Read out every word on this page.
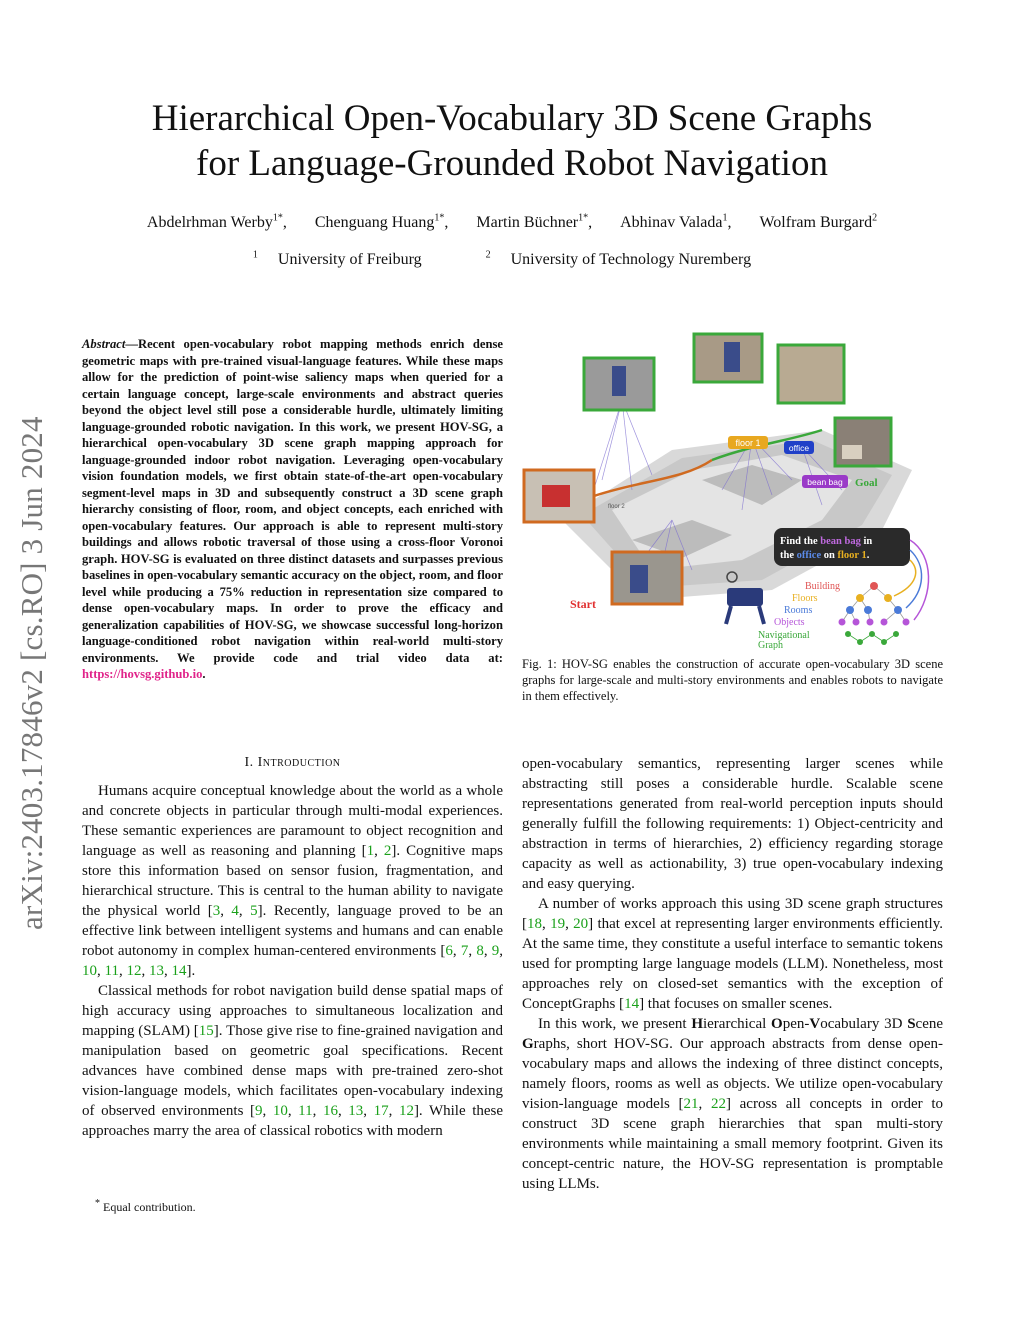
Hierarchical Open-Vocabulary 3D Scene Graphs
for Language-Grounded Robot Navigation
Abdelrhman Werby$^{1*}$, Chenguang Huang$^{1*}$, Martin Büchner$^{1*}$, Abhinav Valada$^1$, Wolfram Burgard$^2$
$^1$ University of Freiburg	$^2$ University of Technology Nuremberg
arXiv:2403.17846v2 [cs.RO] 3 Jun 2024
Abstract—Recent open-vocabulary robot mapping methods enrich dense geometric maps with pre-trained visual-language features. While these maps allow for the prediction of point-wise saliency maps when queried for a certain language concept, large-scale environments and abstract queries beyond the object level still pose a considerable hurdle, ultimately limiting language-grounded robotic navigation. In this work, we present HOV-SG, a hierarchical open-vocabulary 3D scene graph mapping approach for language-grounded indoor robot navigation. Leveraging open-vocabulary vision foundation models, we first obtain state-of-the-art open-vocabulary segment-level maps in 3D and subsequently construct a 3D scene graph hierarchy consisting of floor, room, and object concepts, each enriched with open-vocabulary features. Our approach is able to represent multi-story buildings and allows robotic traversal of those using a cross-floor Voronoi graph. HOV-SG is evaluated on three distinct datasets and surpasses previous baselines in open-vocabulary semantic accuracy on the object, room, and floor level while producing a 75% reduction in representation size compared to dense open-vocabulary maps. In order to prove the efficacy and generalization capabilities of HOV-SG, we showcase successful long-horizon language-conditioned robot navigation within real-world multi-story environments. We provide code and trial video data at: https://hovsg.github.io.
floor 1	office
bean bag
floor 2
Goal
Start
Find the bean bag in
the office on floor 1.
Building
Floors
Rooms
Objects
Navigational
Graph
Fig. 1: HOV-SG enables the construction of accurate open-vocabulary 3D scene graphs for large-scale and multi-story environments and enables robots to navigate in them effectively.
I. Introduction

Humans acquire conceptual knowledge about the world as a whole and concrete objects in particular through multi-modal experiences. These semantic experiences are paramount to object recognition and language as well as reasoning and planning [1, 2]. Cognitive maps store this information based on sensor fusion, fragmentation, and hierarchical structure. This is central to the human ability to navigate the physical world [3, 4, 5]. Recently, language proved to be an effective link between intelligent systems and humans and can enable robot autonomy in complex human-centered environments [6, 7, 8, 9, 10, 11, 12, 13, 14].

Classical methods for robot navigation build dense spatial maps of high accuracy using approaches to simultaneous localization and mapping (SLAM) [15]. Those give rise to fine-grained navigation and manipulation based on geometric goal specifications. Recent advances have combined dense maps with pre-trained zero-shot vision-language models, which facilitates open-vocabulary indexing of observed environments [9, 10, 11, 16, 13, 17, 12]. While these approaches marry the area of classical robotics with modern

open-vocabulary semantics, representing larger scenes while abstracting still poses a considerable hurdle. Scalable scene representations generated from real-world perception inputs should generally fulfill the following requirements: 1) Object-centricity and abstraction in terms of hierarchies, 2) efficiency regarding storage capacity as well as actionability, 3) true open-vocabulary indexing and easy querying.

A number of works approach this using 3D scene graph structures [18, 19, 20] that excel at representing larger environments efficiently. At the same time, they constitute a useful interface to semantic tokens used for prompting large language models (LLM). Nonetheless, most approaches rely on closed-set semantics with the exception of ConceptGraphs [14] that focuses on smaller scenes.

In this work, we present Hierarchical Open-Vocabulary 3D Scene Graphs, short HOV-SG. Our approach abstracts from dense open-vocabulary maps and allows the indexing of three distinct concepts, namely floors, rooms as well as objects. We utilize open-vocabulary vision-language models [21, 22] across all concepts in order to construct 3D scene graph hierarchies that span multi-story environments while maintaining a small memory footprint. Given its concept-centric nature, the HOV-SG representation is promptable using LLMs.

* Equal contribution.
